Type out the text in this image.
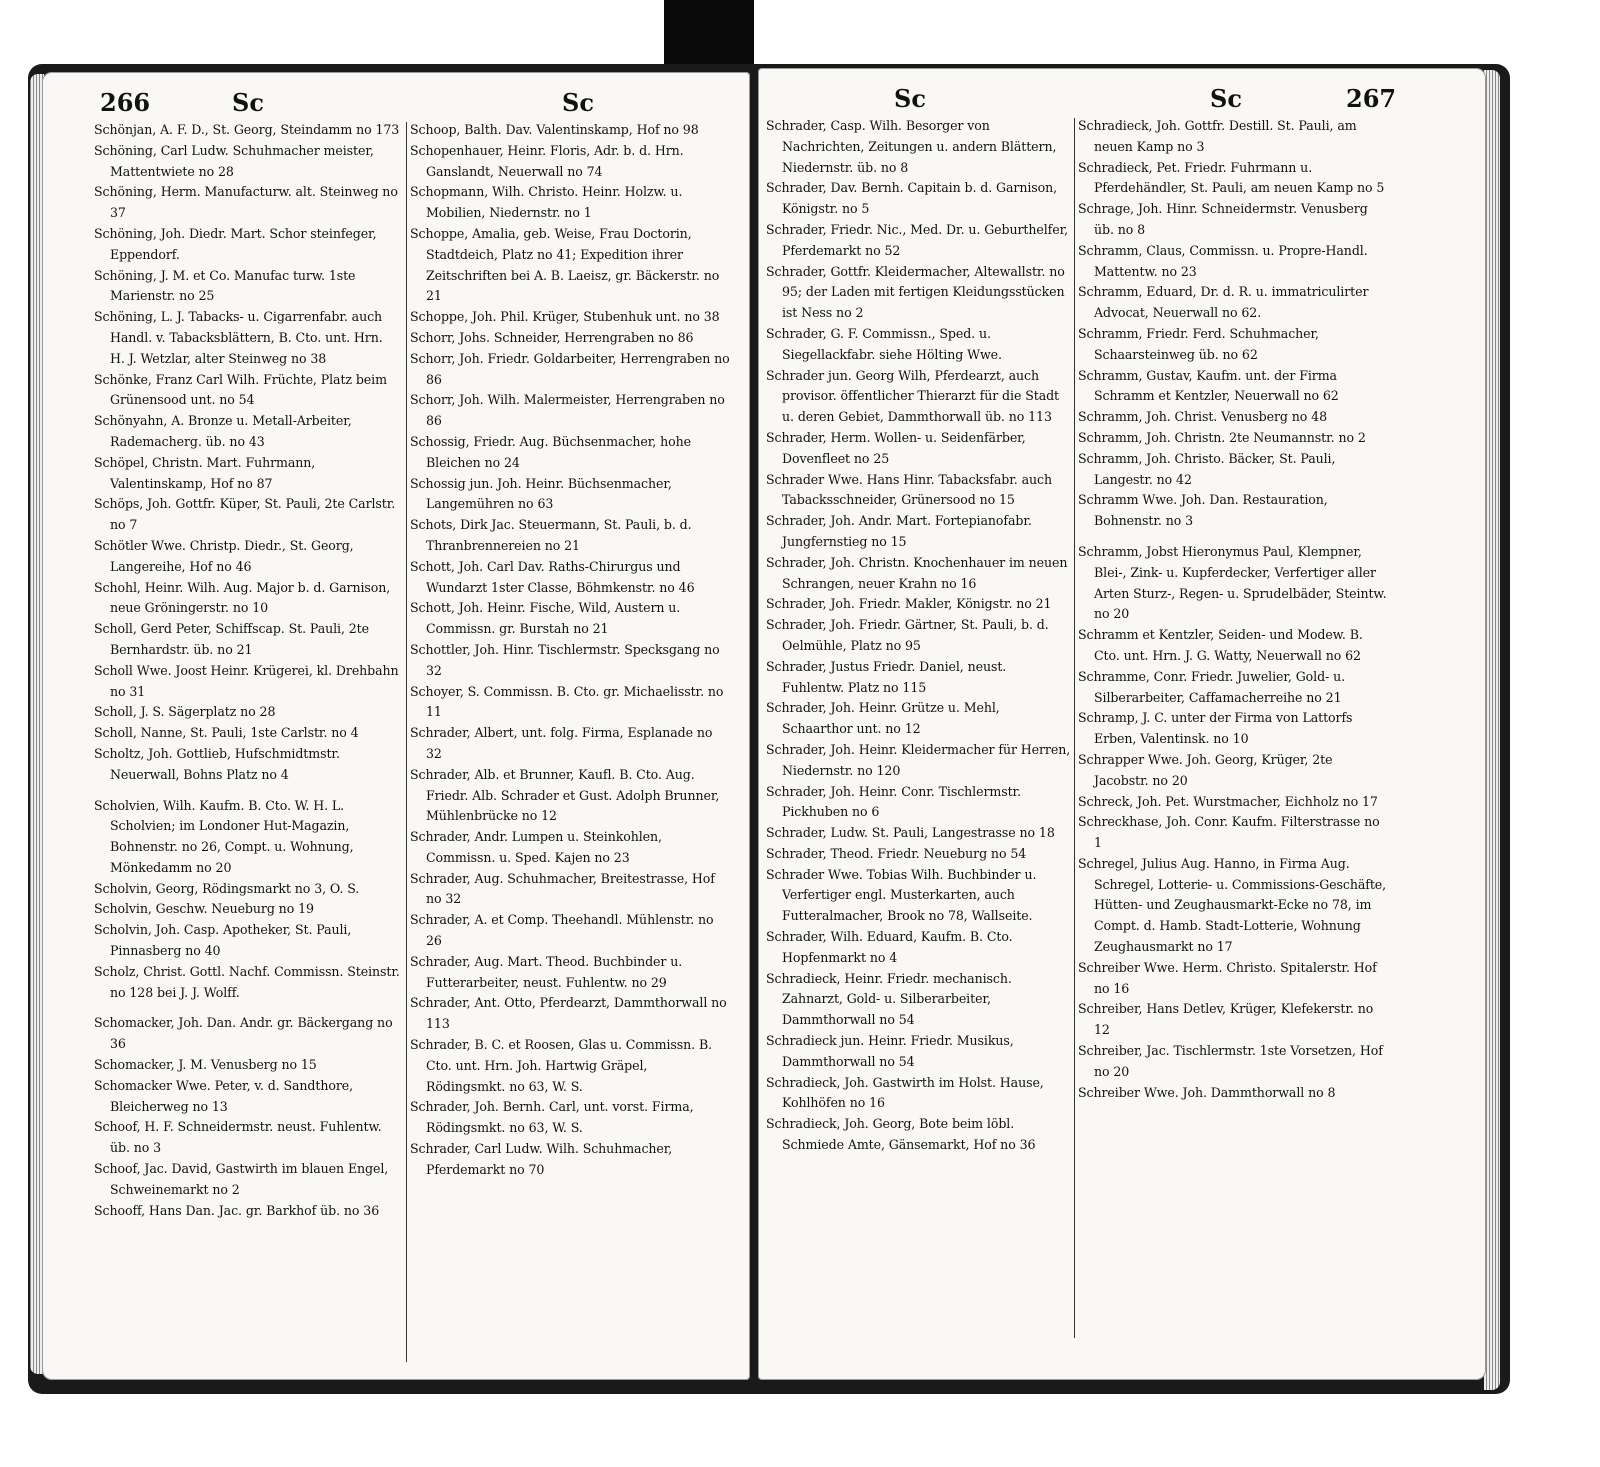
266	Sc	Sc

Schönjan, A. F. D., St. Georg, Steindamm no 173

Schöning, Carl Ludw. Schuhmacher meister, Mattentwiete no 28

Schöning, Herm. Manufacturw. alt. Steinweg no 37

Schöning, Joh. Diedr. Mart. Schor steinfeger, Eppendorf.

Schöning, J. M. et Co. Manufac turw. 1ste Marienstr. no 25

Schöning, L. J. Tabacks- u. Cigarrenfabr. auch Handl. v. Tabacksblättern, B. Cto. unt. Hrn. H. J. Wetzlar, alter Steinweg no 38

Schönke, Franz Carl Wilh. Früchte, Platz beim Grünensood unt. no 54

Schönyahn, A. Bronze u. Metall-Arbeiter, Rademacherg. üb. no 43

Schöpel, Christn. Mart. Fuhrmann, Valentinskamp, Hof no 87

Schöps, Joh. Gottfr. Küper, St. Pauli, 2te Carlstr. no 7

Schötler Wwe. Christp. Diedr., St. Georg, Langereihe, Hof no 46

Schohl, Heinr. Wilh. Aug. Major b. d. Garnison, neue Gröningerstr. no 10

Scholl, Gerd Peter, Schiffscap. St. Pauli, 2te Bernhardstr. üb. no 21

Scholl Wwe. Joost Heinr. Krügerei, kl. Drehbahn no 31

Scholl, J. S. Sägerplatz no 28

Scholl, Nanne, St. Pauli, 1ste Carlstr. no 4

Scholtz, Joh. Gottlieb, Hufschmidtmstr. Neuerwall, Bohns Platz no 4

Scholvien, Wilh. Kaufm. B. Cto. W. H. L. Scholvien; im Londoner Hut-Magazin, Bohnenstr. no 26, Compt. u. Wohnung, Mönkedamm no 20

Scholvin, Georg, Rödingsmarkt no 3, O. S.

Scholvin, Geschw. Neueburg no 19

Scholvin, Joh. Casp. Apotheker, St. Pauli, Pinnasberg no 40

Scholz, Christ. Gottl. Nachf. Commissn. Steinstr. no 128 bei J. J. Wolff.

Schomacker, Joh. Dan. Andr. gr. Bäckergang no 36

Schomacker, J. M. Venusberg no 15

Schomacker Wwe. Peter, v. d. Sandthore, Bleicherweg no 13

Schoof, H. F. Schneidermstr. neust. Fuhlentw. üb. no 3

Schoof, Jac. David, Gastwirth im blauen Engel, Schweinemarkt no 2

Schooff, Hans Dan. Jac. gr. Barkhof üb. no 36

Schoop, Balth. Dav. Valentinskamp, Hof no 98

Schopenhauer, Heinr. Floris, Adr. b. d. Hrn. Ganslandt, Neuerwall no 74

Schopmann, Wilh. Christo. Heinr. Holzw. u. Mobilien, Niedernstr. no 1

Schoppe, Amalia, geb. Weise, Frau Doctorin, Stadtdeich, Platz no 41; Expedition ihrer Zeitschriften bei A. B. Laeisz, gr. Bäckerstr. no 21

Schoppe, Joh. Phil. Krüger, Stubenhuk unt. no 38

Schorr, Johs. Schneider, Herrengraben no 86

Schorr, Joh. Friedr. Goldarbeiter, Herrengraben no 86

Schorr, Joh. Wilh. Malermeister, Herrengraben no 86

Schossig, Friedr. Aug. Büchsenmacher, hohe Bleichen no 24

Schossig jun. Joh. Heinr. Büchsenmacher, Langemühren no 63

Schots, Dirk Jac. Steuermann, St. Pauli, b. d. Thranbrennereien no 21

Schott, Joh. Carl Dav. Raths-Chirurgus und Wundarzt 1ster Classe, Böhmkenstr. no 46

Schott, Joh. Heinr. Fische, Wild, Austern u. Commissn. gr. Burstah no 21

Schottler, Joh. Hinr. Tischlermstr. Specksgang no 32

Schoyer, S. Commissn. B. Cto. gr. Michaelisstr. no 11

Schrader, Albert, unt. folg. Firma, Esplanade no 32

Schrader, Alb. et Brunner, Kaufl. B. Cto. Aug. Friedr. Alb. Schrader et Gust. Adolph Brunner, Mühlenbrücke no 12

Schrader, Andr. Lumpen u. Steinkohlen, Commissn. u. Sped. Kajen no 23

Schrader, Aug. Schuhmacher, Breitestrasse, Hof no 32

Schrader, A. et Comp. Theehandl. Mühlenstr. no 26

Schrader, Aug. Mart. Theod. Buchbinder u. Futterarbeiter, neust. Fuhlentw. no 29

Schrader, Ant. Otto, Pferdearzt, Dammthorwall no 113

Schrader, B. C. et Roosen, Glas u. Commissn. B. Cto. unt. Hrn. Joh. Hartwig Gräpel, Rödingsmkt. no 63, W. S.

Schrader, Joh. Bernh. Carl, unt. vorst. Firma, Rödingsmkt. no 63, W. S.

Schrader, Carl Ludw. Wilh. Schuhmacher, Pferdemarkt no 70

Sc	Sc	267

Schrader, Casp. Wilh. Besorger von Nachrichten, Zeitungen u. andern Blättern, Niedernstr. üb. no 8

Schrader, Dav. Bernh. Capitain b. d. Garnison, Königstr. no 5

Schrader, Friedr. Nic., Med. Dr. u. Geburthelfer, Pferdemarkt no 52

Schrader, Gottfr. Kleidermacher, Altewallstr. no 95; der Laden mit fertigen Kleidungsstücken ist Ness no 2

Schrader, G. F. Commissn., Sped. u. Siegellackfabr. siehe Hölting Wwe.

Schrader jun. Georg Wilh, Pferdearzt, auch provisor. öffentlicher Thierarzt für die Stadt u. deren Gebiet, Dammthorwall üb. no 113

Schrader, Herm. Wollen- u. Seidenfärber, Dovenfleet no 25

Schrader Wwe. Hans Hinr. Tabacksfabr. auch Tabacksschneider, Grünersood no 15

Schrader, Joh. Andr. Mart. Fortepianofabr. Jungfernstieg no 15

Schrader, Joh. Christn. Knochenhauer im neuen Schrangen, neuer Krahn no 16

Schrader, Joh. Friedr. Makler, Königstr. no 21

Schrader, Joh. Friedr. Gärtner, St. Pauli, b. d. Oelmühle, Platz no 95

Schrader, Justus Friedr. Daniel, neust. Fuhlentw. Platz no 115

Schrader, Joh. Heinr. Grütze u. Mehl, Schaarthor unt. no 12

Schrader, Joh. Heinr. Kleidermacher für Herren, Niedernstr. no 120

Schrader, Joh. Heinr. Conr. Tischlermstr. Pickhuben no 6

Schrader, Ludw. St. Pauli, Langestrasse no 18

Schrader, Theod. Friedr. Neueburg no 54

Schrader Wwe. Tobias Wilh. Buchbinder u. Verfertiger engl. Musterkarten, auch Futteralmacher, Brook no 78, Wallseite.

Schrader, Wilh. Eduard, Kaufm. B. Cto. Hopfenmarkt no 4

Schradieck, Heinr. Friedr. mechanisch. Zahnarzt, Gold- u. Silberarbeiter, Dammthorwall no 54

Schradieck jun. Heinr. Friedr. Musikus, Dammthorwall no 54

Schradieck, Joh. Gastwirth im Holst. Hause, Kohlhöfen no 16

Schradieck, Joh. Georg, Bote beim löbl. Schmiede Amte, Gänsemarkt, Hof no 36

Schradieck, Joh. Gottfr. Destill. St. Pauli, am neuen Kamp no 3

Schradieck, Pet. Friedr. Fuhrmann u. Pferdehändler, St. Pauli, am neuen Kamp no 5

Schrage, Joh. Hinr. Schneidermstr. Venusberg üb. no 8

Schramm, Claus, Commissn. u. Propre-Handl. Mattentw. no 23

Schramm, Eduard, Dr. d. R. u. immatriculirter Advocat, Neuerwall no 62.

Schramm, Friedr. Ferd. Schuhmacher, Schaarsteinweg üb. no 62

Schramm, Gustav, Kaufm. unt. der Firma Schramm et Kentzler, Neuerwall no 62

Schramm, Joh. Christ. Venusberg no 48

Schramm, Joh. Christn. 2te Neumannstr. no 2

Schramm, Joh. Christo. Bäcker, St. Pauli, Langestr. no 42

Schramm Wwe. Joh. Dan. Restauration, Bohnenstr. no 3

Schramm, Jobst Hieronymus Paul, Klempner, Blei-, Zink- u. Kupferdecker, Verfertiger aller Arten Sturz-, Regen- u. Sprudelbäder, Steintw. no 20

Schramm et Kentzler, Seiden- und Modew. B. Cto. unt. Hrn. J. G. Watty, Neuerwall no 62

Schramme, Conr. Friedr. Juwelier, Gold- u. Silberarbeiter, Caffamacherreihe no 21

Schramp, J. C. unter der Firma von Lattorfs Erben, Valentinsk. no 10

Schrapper Wwe. Joh. Georg, Krüger, 2te Jacobstr. no 20

Schreck, Joh. Pet. Wurstmacher, Eichholz no 17

Schreckhase, Joh. Conr. Kaufm. Filterstrasse no 1

Schregel, Julius Aug. Hanno, in Firma Aug. Schregel, Lotterie- u. Commissions-Geschäfte, Hütten- und Zeughausmarkt-Ecke no 78, im Compt. d. Hamb. Stadt-Lotterie, Wohnung Zeughausmarkt no 17

Schreiber Wwe. Herm. Christo. Spitalerstr. Hof no 16

Schreiber, Hans Detlev, Krüger, Klefekerstr. no 12

Schreiber, Jac. Tischlermstr. 1ste Vorsetzen, Hof no 20

Schreiber Wwe. Joh. Dammthorwall no 8
